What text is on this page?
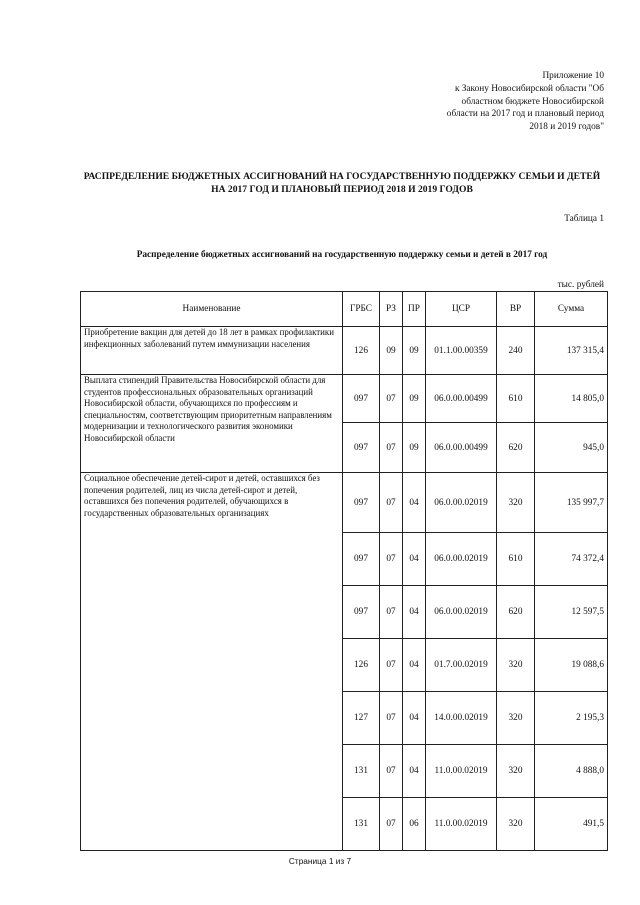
Приложение 10
к Закону Новосибирской области "Об
областном бюджете Новосибирской
области на 2017 год и плановый период
2018 и 2019 годов"
РАСПРЕДЕЛЕНИЕ БЮДЖЕТНЫХ АССИГНОВАНИЙ НА ГОСУДАРСТВЕННУЮ ПОДДЕРЖКУ СЕМЬИ И ДЕТЕЙ НА 2017 ГОД И ПЛАНОВЫЙ ПЕРИОД 2018 И 2019 ГОДОВ
Таблица 1
Распределение бюджетных ассигнований на государственную поддержку семьи и детей в 2017 год
тыс. рублей
Наименование	ГРБС	РЗ	ПР	ЦСР	ВР	Сумма
Приобретение вакцин для детей до 18 лет в рамках профилактики инфекционных заболеваний путем иммунизации населения	126	09	09	01.1.00.00359	240	137 315,4
Выплата стипендий Правительства Новосибирской области для студентов профессиональных образовательных организаций Новосибирской области, обучающихся по профессиям и специальностям, соответствующим приоритетным направлениям модернизации и технологического развития экономики Новосибирской области	097	07	09	06.0.00.00499	610	14 805,0
	097	07	09	06.0.00.00499	620	945,0
Социальное обеспечение детей-сирот и детей, оставшихся без попечения родителей, лиц из числа детей-сирот и детей, оставшихся без попечения родителей, обучающихся в государственных образовательных организациях	097	07	04	06.0.00.02019	320	135 997,7
	097	07	04	06.0.00.02019	610	74 372,4
	097	07	04	06.0.00.02019	620	12 597,5
	126	07	04	01.7.00.02019	320	19 088,6
	127	07	04	14.0.00.02019	320	2 195,3
	131	07	04	11.0.00.02019	320	4 888,0
	131	07	06	11.0.00.02019	320	491,5
Страница 1 из 7
